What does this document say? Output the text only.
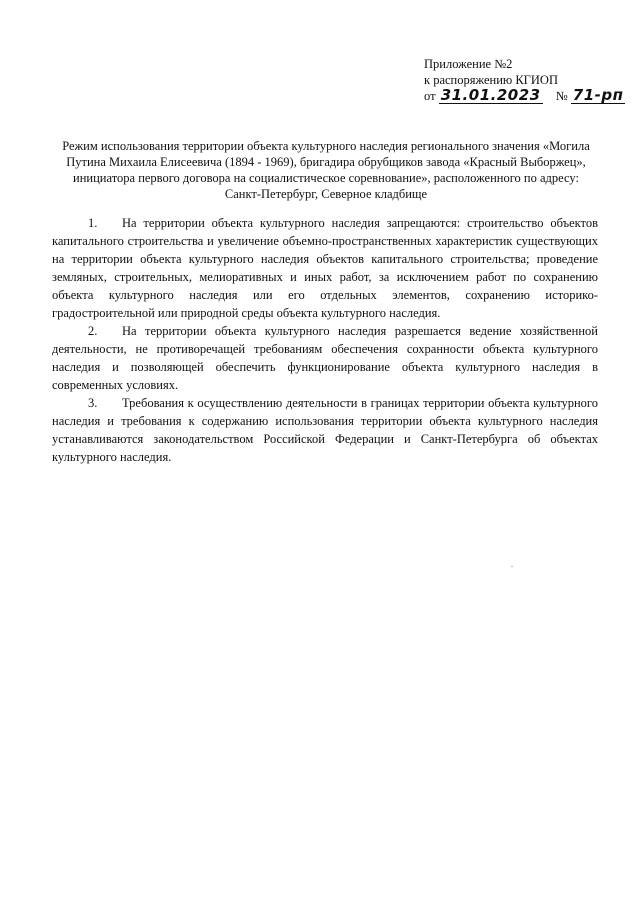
Приложение №2
к распоряжению КГИОП
от 31.01.2023 № 71-рп
Режим использования территории объекта культурного наследия регионального значения «Могила Путина Михаила Елисеевича (1894 - 1969), бригадира обрубщиков завода «Красный Выборжец», инициатора первого договора на социалистическое соревнование», расположенного по адресу: Санкт-Петербург, Северное кладбище

1. На территории объекта культурного наследия запрещаются: строительство объектов капитального строительства и увеличение объемно-пространственных характеристик существующих на территории объекта культурного наследия объектов капитального строительства; проведение земляных, строительных, мелиоративных и иных работ, за исключением работ по сохранению объекта культурного наследия или его отдельных элементов, сохранению историко-градостроительной или природной среды объекта культурного наследия.

2. На территории объекта культурного наследия разрешается ведение хозяйственной деятельности, не противоречащей требованиям обеспечения сохранности объекта культурного наследия и позволяющей обеспечить функционирование объекта культурного наследия в современных условиях.

3. Требования к осуществлению деятельности в границах территории объекта культурного наследия и требования к содержанию использования территории объекта культурного наследия устанавливаются законодательством Российской Федерации и Санкт-Петербурга об объектах культурного наследия.
